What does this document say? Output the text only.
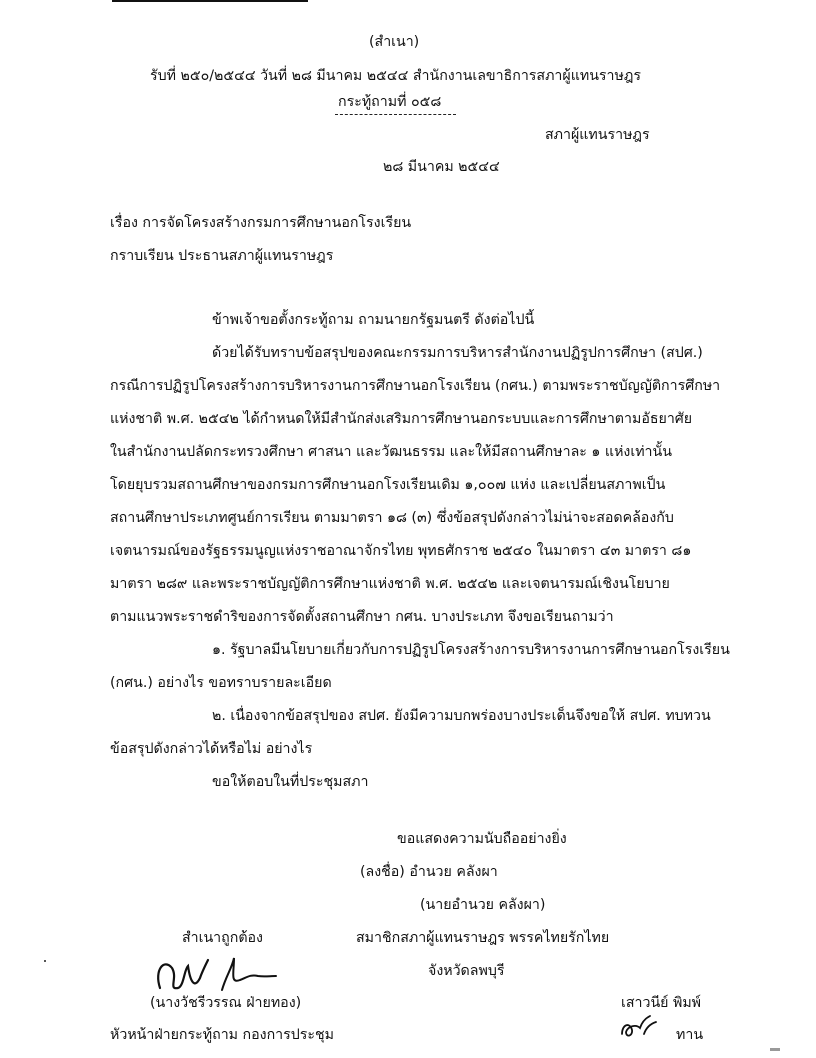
(สำเนา)
รับที่ ๒๕๐/๒๕๔๔ วันที่ ๒๘ มีนาคม ๒๕๔๔ สำนักงานเลขาธิการสภาผู้แทนราษฎร
กระทู้ถามที่ ๐๕๘
สภาผู้แทนราษฎร
๒๘ มีนาคม ๒๕๔๔
เรื่อง การจัดโครงสร้างกรมการศึกษานอกโรงเรียน
กราบเรียน ประธานสภาผู้แทนราษฎร
ข้าพเจ้าขอตั้งกระทู้ถาม ถามนายกรัฐมนตรี ดังต่อไปนี้
ด้วยได้รับทราบข้อสรุปของคณะกรรมการบริหารสำนักงานปฏิรูปการศึกษา (สปศ.)
กรณีการปฏิรูปโครงสร้างการบริหารงานการศึกษานอกโรงเรียน (กศน.) ตามพระราชบัญญัติการศึกษา
แห่งชาติ พ.ศ. ๒๕๔๒ ได้กำหนดให้มีสำนักส่งเสริมการศึกษานอกระบบและการศึกษาตามอัธยาศัย
ในสำนักงานปลัดกระทรวงศึกษา ศาสนา และวัฒนธรรม และให้มีสถานศึกษาละ ๑ แห่งเท่านั้น
โดยยุบรวมสถานศึกษาของกรมการศึกษานอกโรงเรียนเดิม ๑,๐๐๗ แห่ง และเปลี่ยนสภาพเป็น
สถานศึกษาประเภทศูนย์การเรียน ตามมาตรา ๑๘ (๓) ซึ่งข้อสรุปดังกล่าวไม่น่าจะสอดคล้องกับ
เจตนารมณ์ของรัฐธรรมนูญแห่งราชอาณาจักรไทย พุทธศักราช ๒๕๔๐ ในมาตรา ๔๓ มาตรา ๘๑
มาตรา ๒๘๙ และพระราชบัญญัติการศึกษาแห่งชาติ พ.ศ. ๒๕๔๒ และเจตนารมณ์เชิงนโยบาย
ตามแนวพระราชดำริของการจัดตั้งสถานศึกษา กศน. บางประเภท จึงขอเรียนถามว่า
๑. รัฐบาลมีนโยบายเกี่ยวกับการปฏิรูปโครงสร้างการบริหารงานการศึกษานอกโรงเรียน
(กศน.) อย่างไร ขอทราบรายละเอียด
๒. เนื่องจากข้อสรุปของ สปศ. ยังมีความบกพร่องบางประเด็นจึงขอให้ สปศ. ทบทวน
ข้อสรุปดังกล่าวได้หรือไม่ อย่างไร
ขอให้ตอบในที่ประชุมสภา
ขอแสดงความนับถืออย่างยิ่ง
(ลงชื่อ) อำนวย คลังผา
(นายอำนวย คลังผา)
สมาชิกสภาผู้แทนราษฎร พรรคไทยรักไทย
จังหวัดลพบุรี
สำเนาถูกต้อง
(นางวัชรีวรรณ ฝ่ายทอง)
หัวหน้าฝ่ายกระทู้ถาม กองการประชุม
เสาวนีย์ พิมพ์
ทาน
